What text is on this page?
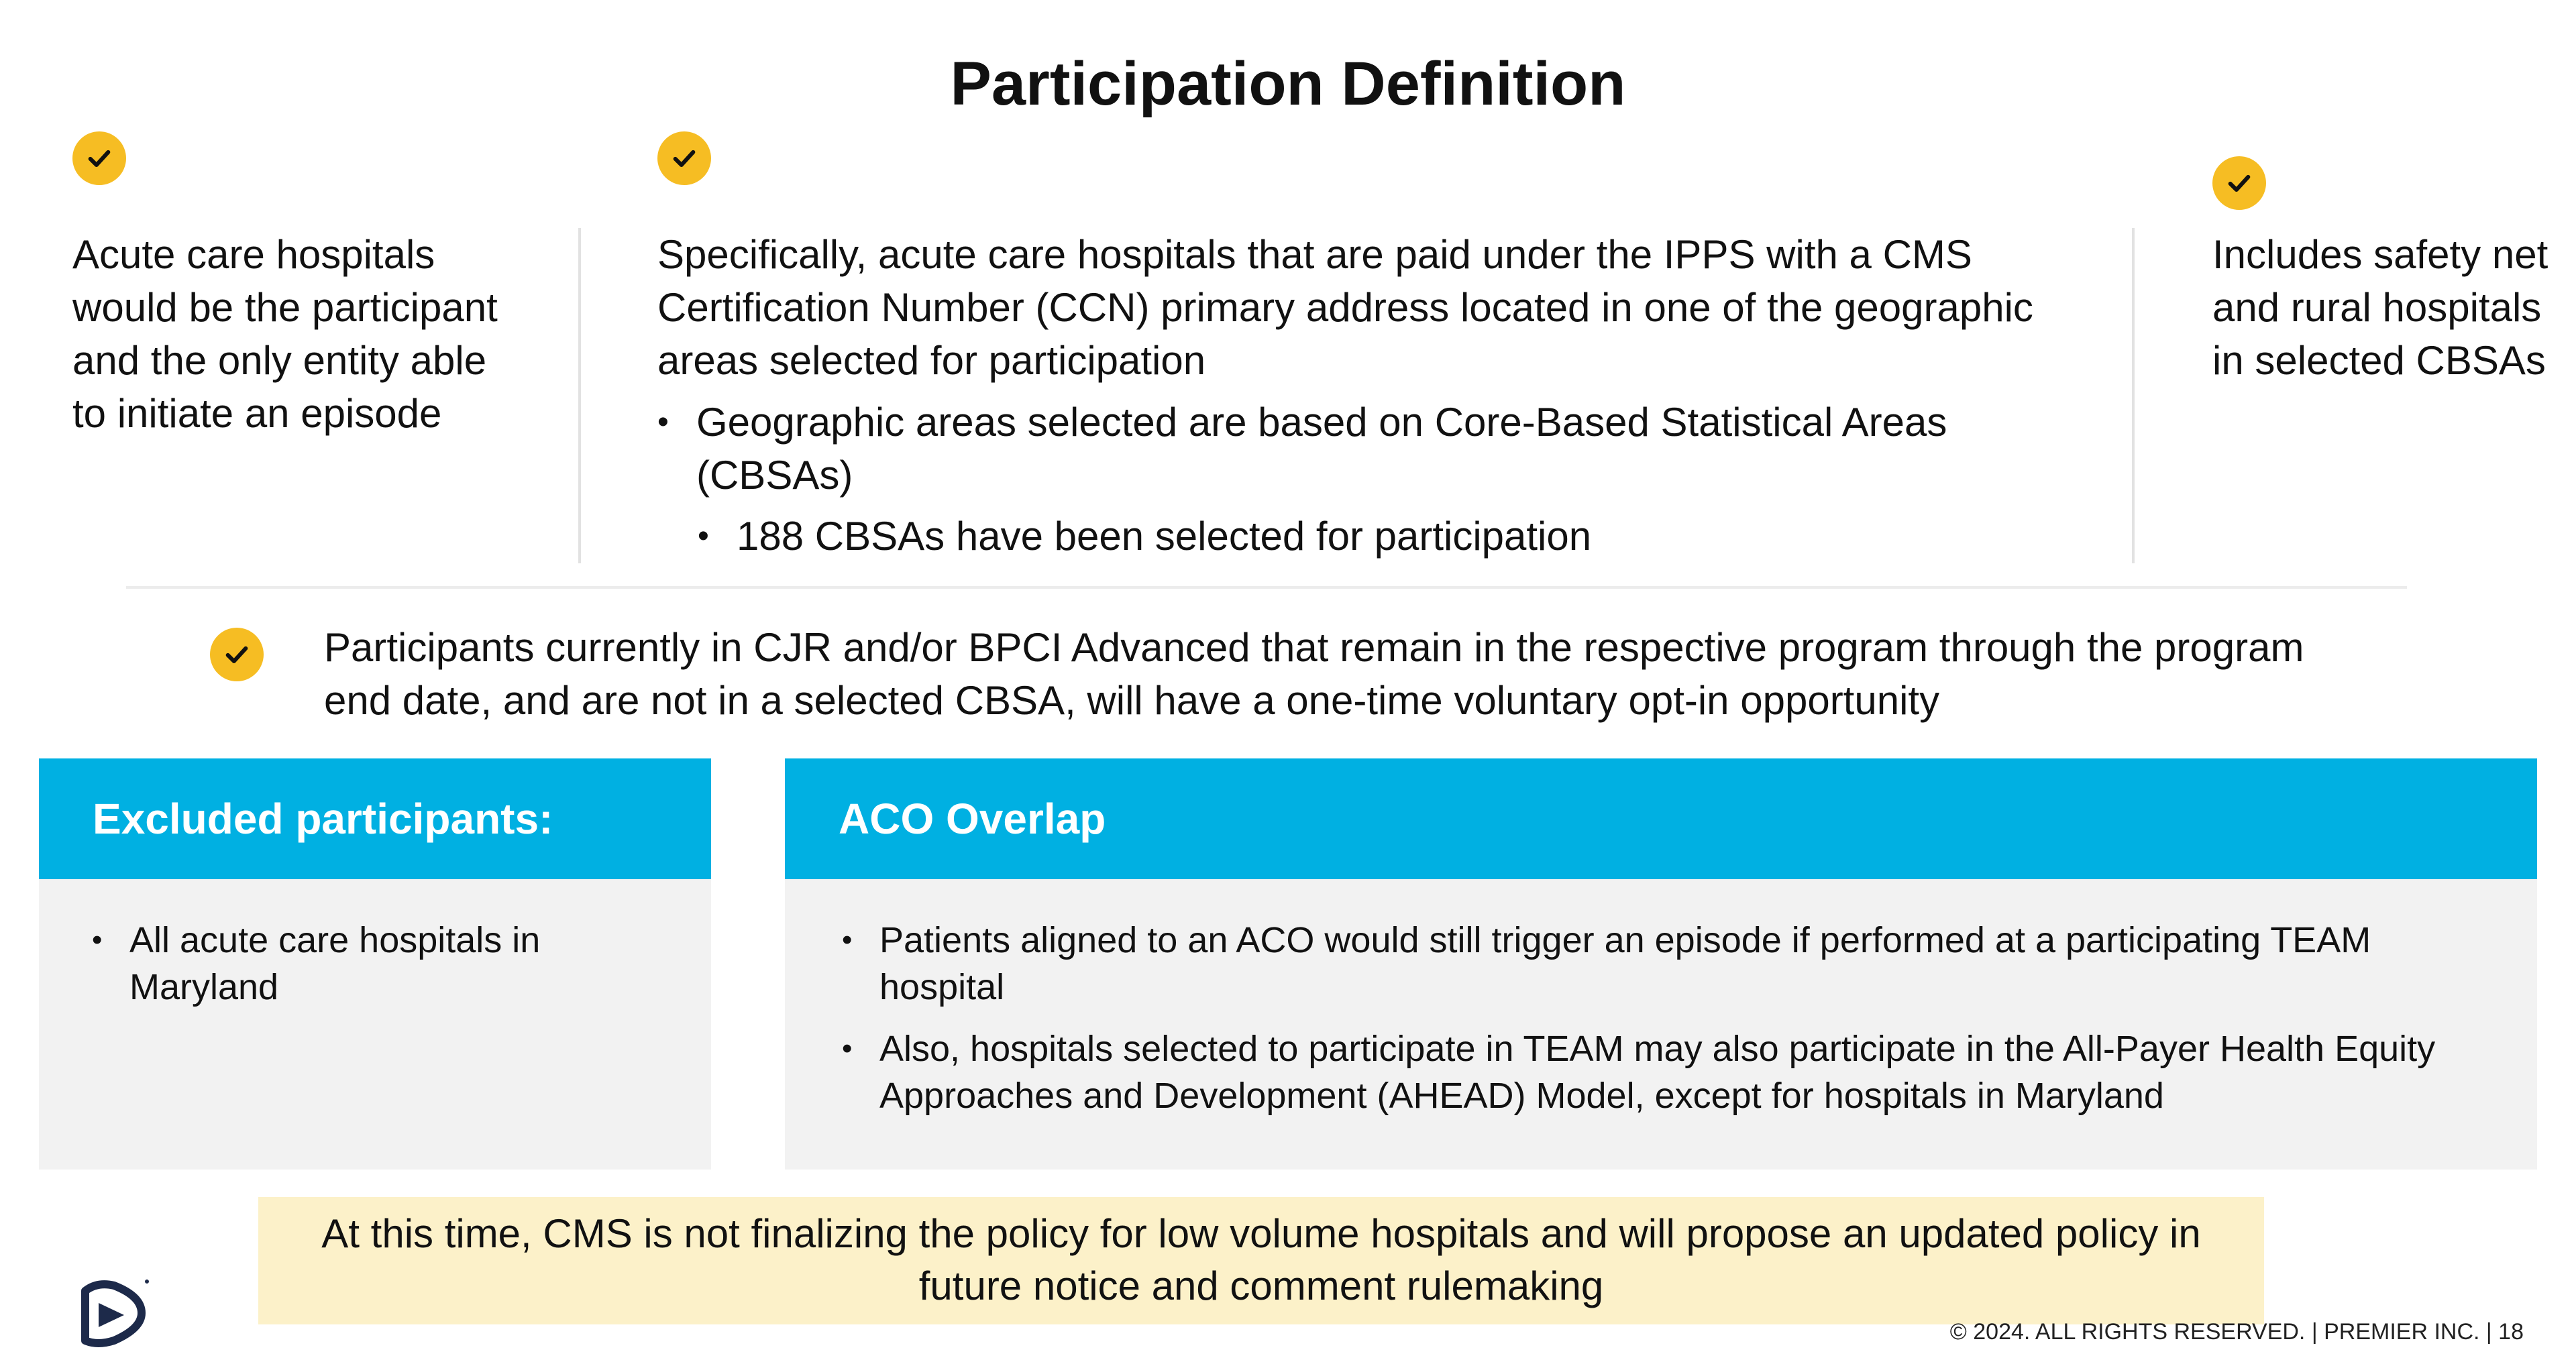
Participation Definition
Acute care hospitals would be the participant and the only entity able to initiate an episode
Specifically, acute care hospitals that are paid under the IPPS with a CMS Certification Number (CCN) primary address located in one of the geographic areas selected for participation
• Geographic areas selected are based on Core-Based Statistical Areas (CBSAs)
• 188 CBSAs have been selected for participation
Includes safety net and rural hospitals in selected CBSAs
Participants currently in CJR and/or BPCI Advanced that remain in the respective program through the program end date, and are not in a selected CBSA, will have a one-time voluntary opt-in opportunity
Excluded participants:
• All acute care hospitals in Maryland
ACO Overlap
• Patients aligned to an ACO would still trigger an episode if performed at a participating TEAM hospital
• Also, hospitals selected to participate in TEAM may also participate in the All-Payer Health Equity Approaches and Development (AHEAD) Model, except for hospitals in Maryland
At this time, CMS is not finalizing the policy for low volume hospitals and will propose an updated policy in future notice and comment rulemaking
© 2024. ALL RIGHTS RESERVED. | PREMIER INC. | 18
